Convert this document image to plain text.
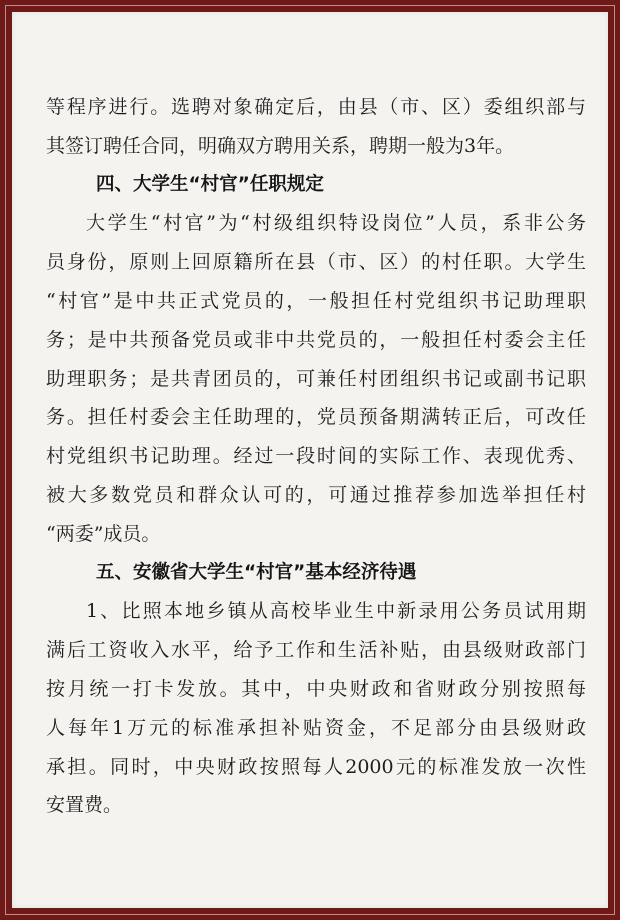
等程序进行。选聘对象确定后，由县（市、区）委组织部与
其签订聘任合同，明确双方聘用关系，聘期一般为3年。
四、大学生“村官”任职规定
大学生“村官”为“村级组织特设岗位”人员，系非公务
员身份，原则上回原籍所在县（市、区）的村任职。大学生
“村官”是中共正式党员的，一般担任村党组织书记助理职
务；是中共预备党员或非中共党员的，一般担任村委会主任
助理职务；是共青团员的，可兼任村团组织书记或副书记职
务。担任村委会主任助理的，党员预备期满转正后，可改任
村党组织书记助理。经过一段时间的实际工作、表现优秀、
被大多数党员和群众认可的，可通过推荐参加选举担任村
“两委”成员。
五、安徽省大学生“村官”基本经济待遇
1、比照本地乡镇从高校毕业生中新录用公务员试用期
满后工资收入水平，给予工作和生活补贴，由县级财政部门
按月统一打卡发放。其中，中央财政和省财政分别按照每
人每年1万元的标准承担补贴资金，不足部分由县级财政
承担。同时，中央财政按照每人2000元的标准发放一次性
安置费。
